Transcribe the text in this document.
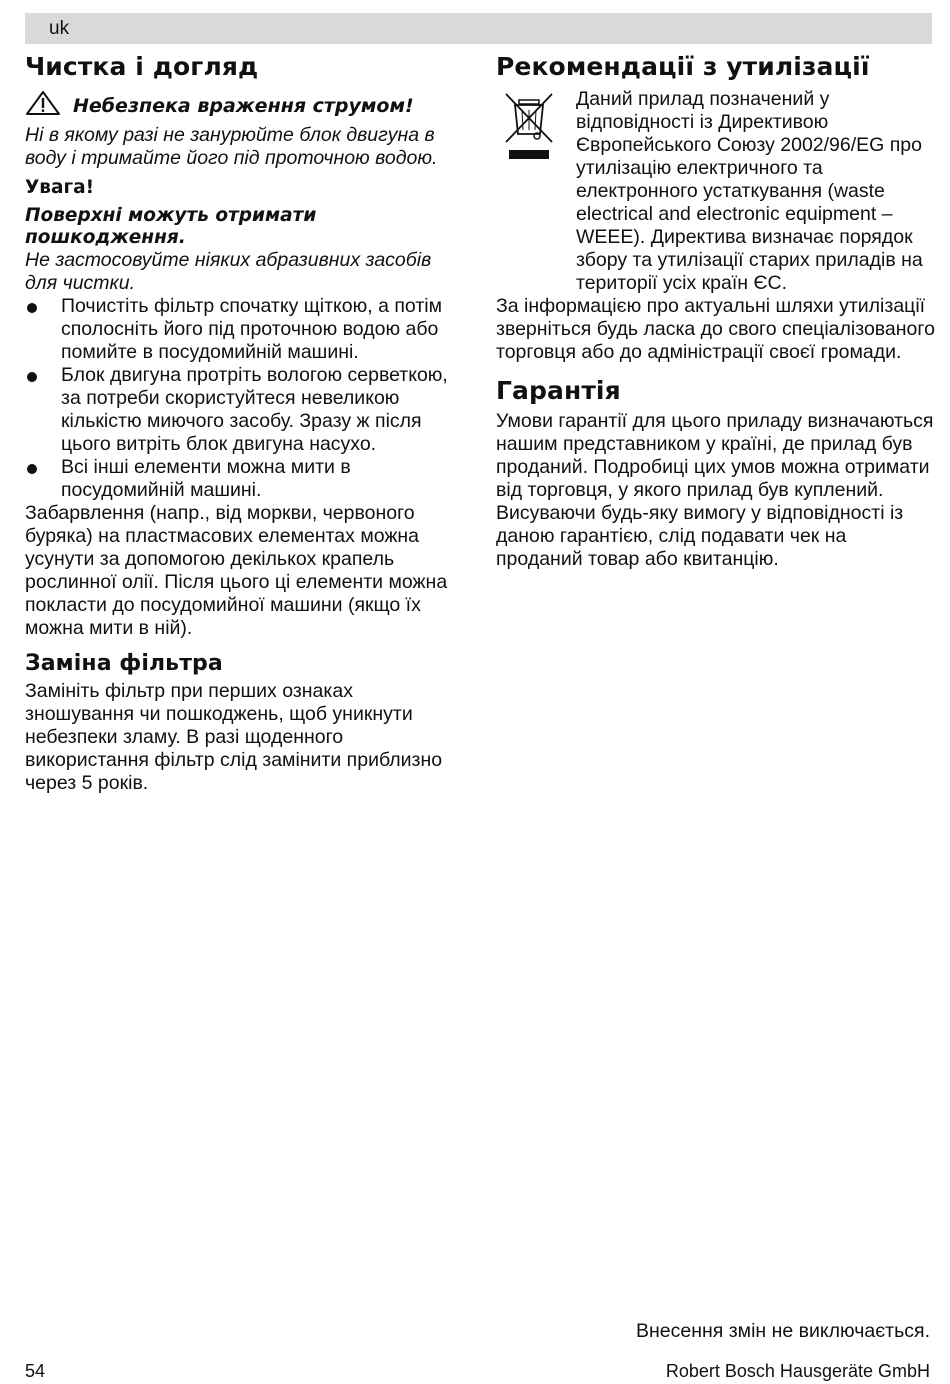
uk
Чистка і догляд
Небезпека враження струмом!

Ні в якому разі не занурюйте блок двигуна в воду і тримайте його під проточною водою.

Увага!

Поверхні можуть отримати пошкодження.

Не застосовуйте ніяких абразивних засобів для чистки.

Почистіть фільтр спочатку щіткою, а потім сполосніть його під проточною водою або помийте в посудомийній машині.
Блок двигуна протріть вологою серветкою, за потреби скористуйтеся невеликою кількістю миючого засобу. Зразу ж після цього витріть блок двигуна насухо.
Всі інші елементи можна мити в посудомийній машині.

Забарвлення (напр., від моркви, червоного буряка) на пластмасових елементах можна усунути за допомогою декількох крапель рослинної олії. Після цього ці елементи можна покласти до посудомийної машини (якщо їх можна мити в ній).

Заміна фільтра

Замініть фільтр при перших ознаках зношування чи пошкоджень, щоб уникнути небезпеки зламу. В разі щоденного використання фільтр слід замінити приблизно через 5 років.

Рекомендації з утилізації

Даний прилад позначений у відповідності із Директивою Європейського Союзу 2002/96/EG про утилізацію електричного та електронного устаткування (waste electrical and electronic equipment – WEEE). Директива визначає порядок збору та утилізації старих приладів на території усіх країн ЄС.

За інформацією про актуальні шляхи утилізації зверніться будь ласка до свого спеціалізованого торговця або до адміністрації своєї громади.

Гарантія

Умови гарантії для цього приладу визначаються нашим представником у країні, де прилад був проданий. Подробиці цих умов можна отримати від торговця, у якого прилад був куплений. Висуваючи будь-яку вимогу у відповідності із даною гарантією, слід подавати чек на проданий товар або квитанцію.

Внесення змін не виключається.
54	Robert Bosch Hausgeräte GmbH
